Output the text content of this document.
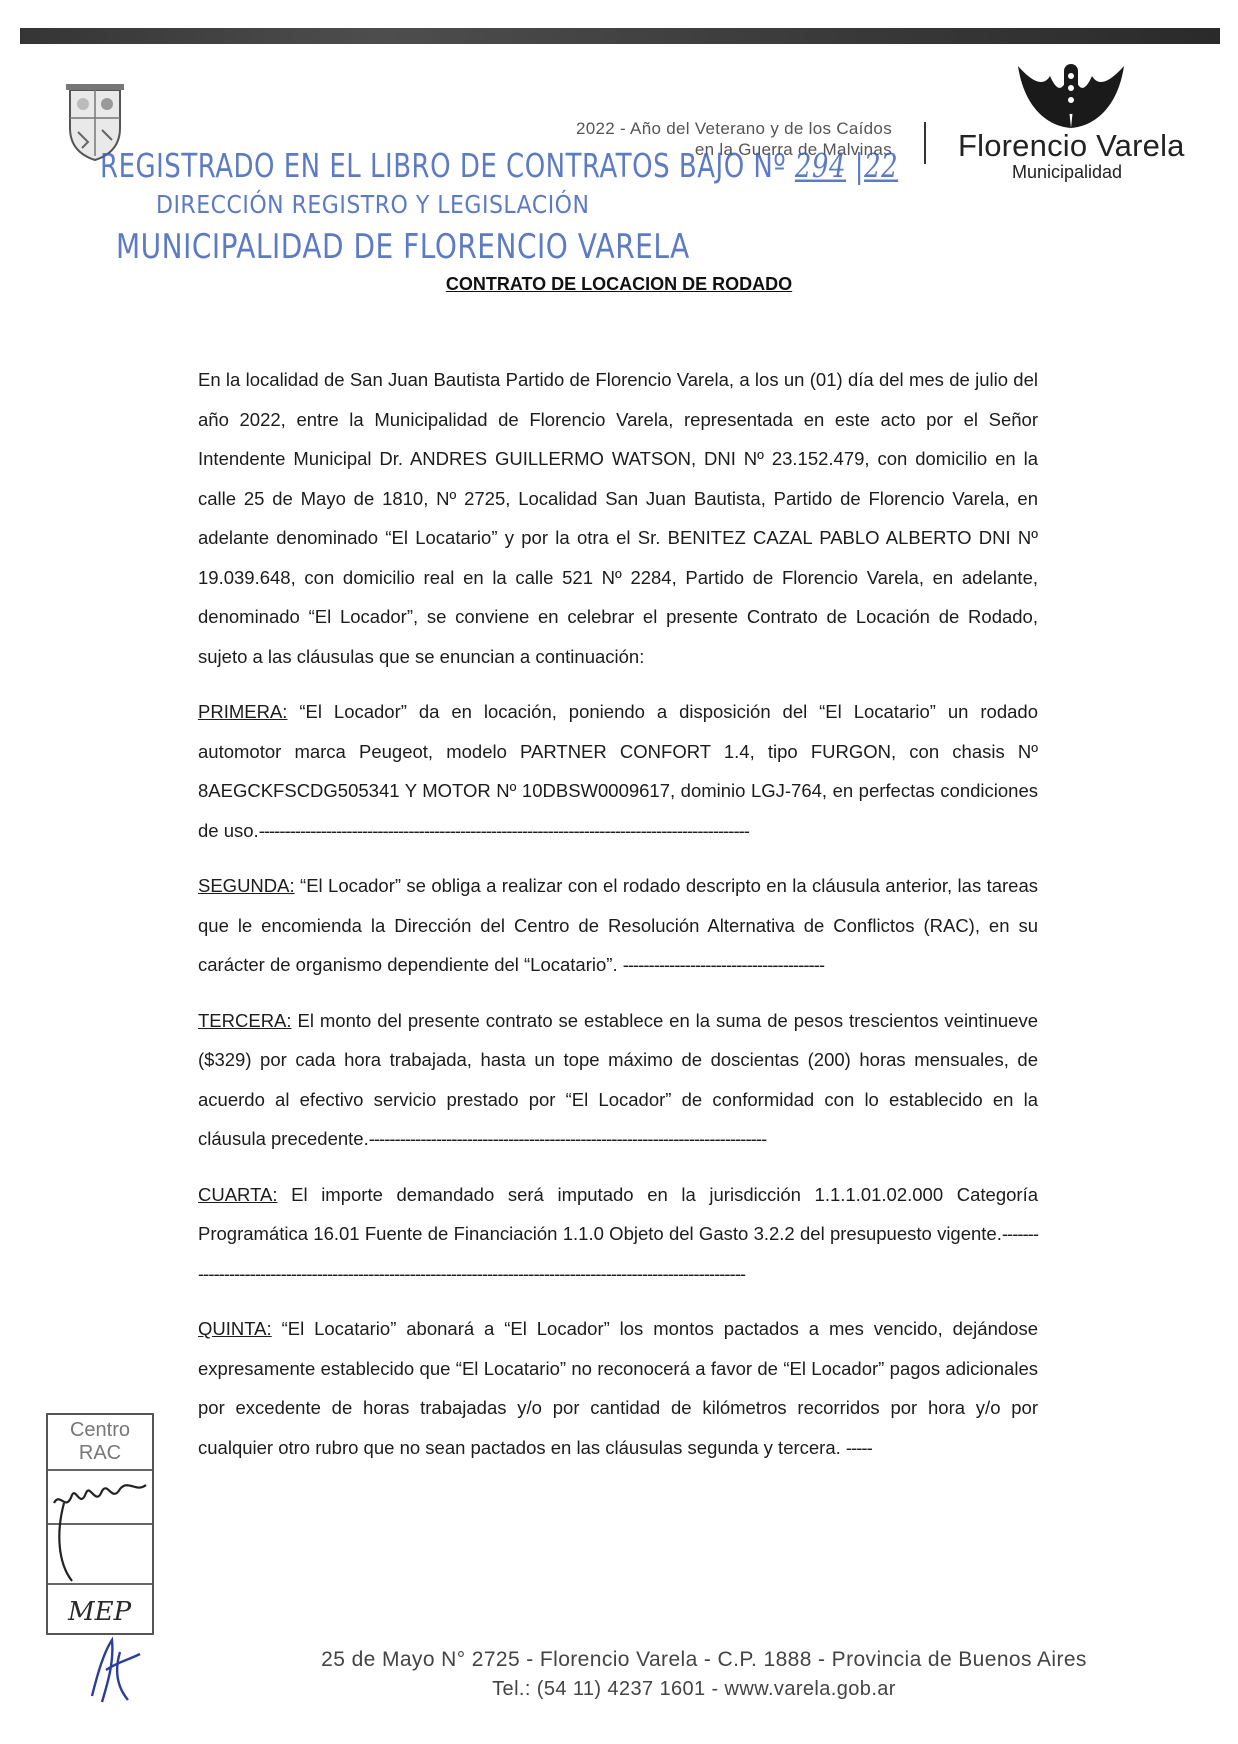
2022 - Año del Veterano y de los Caídos
en la Guerra de Malvinas Florencio Varela
Municipalidad
REGISTRADO EN EL LIBRO DE CONTRATOS BAJO Nº 294 |22
DIRECCIÓN REGISTRO Y LEGISLACIÓN
MUNICIPALIDAD DE FLORENCIO VARELA
CONTRATO DE LOCACION DE RODADO

En la localidad de San Juan Bautista Partido de Florencio Varela, a los un (01) día del mes de julio del año 2022, entre la Municipalidad de Florencio Varela, representada en este acto por el Señor Intendente Municipal Dr. ANDRES GUILLERMO WATSON, DNI Nº 23.152.479, con domicilio en la calle 25 de Mayo de 1810, Nº 2725, Localidad San Juan Bautista, Partido de Florencio Varela, en adelante denominado “El Locatario” y por la otra el Sr. BENITEZ CAZAL PABLO ALBERTO DNI Nº 19.039.648, con domicilio real en la calle 521 Nº 2284, Partido de Florencio Varela, en adelante, denominado “El Locador”, se conviene en celebrar el presente Contrato de Locación de Rodado, sujeto a las cláusulas que se enuncian a continuación:

PRIMERA: “El Locador” da en locación, poniendo a disposición del “El Locatario” un rodado automotor marca Peugeot, modelo PARTNER CONFORT 1.4, tipo FURGON, con chasis Nº 8AEGCKFSCDG505341 Y MOTOR Nº 10DBSW0009617, dominio LGJ-764, en perfectas condiciones de uso.-----------------------------------------------------------------------------------------------

SEGUNDA: “El Locador” se obliga a realizar con el rodado descripto en la cláusula anterior, las tareas que le encomienda la Dirección del Centro de Resolución Alternativa de Conflictos (RAC), en su carácter de organismo dependiente del “Locatario”. ---------------------------------------

TERCERA: El monto del presente contrato se establece en la suma de pesos trescientos veintinueve ($329) por cada hora trabajada, hasta un tope máximo de doscientas (200) horas mensuales, de acuerdo al efectivo servicio prestado por “El Locador” de conformidad con lo establecido en la cláusula precedente.-----------------------------------------------------------------------------

CUARTA: El importe demandado será imputado en la jurisdicción 1.1.1.01.02.000 Categoría Programática 16.01 Fuente de Financiación 1.1.0 Objeto del Gasto 3.2.2 del presupuesto vigente.-----------------------------------------------------------------------------------------------------------------

QUINTA: “El Locatario” abonará a “El Locador” los montos pactados a mes vencido, dejándose expresamente establecido que “El Locatario” no reconocerá a favor de “El Locador” pagos adicionales por excedente de horas trabajadas y/o por cantidad de kilómetros recorridos por hora y/o por cualquier otro rubro que no sean pactados en las cláusulas segunda y tercera. -----

Centro
RAC
MEP
25 de Mayo N° 2725 - Florencio Varela - C.P. 1888 - Provincia de Buenos Aires
Tel.: (54 11) 4237 1601 - www.varela.gob.ar
